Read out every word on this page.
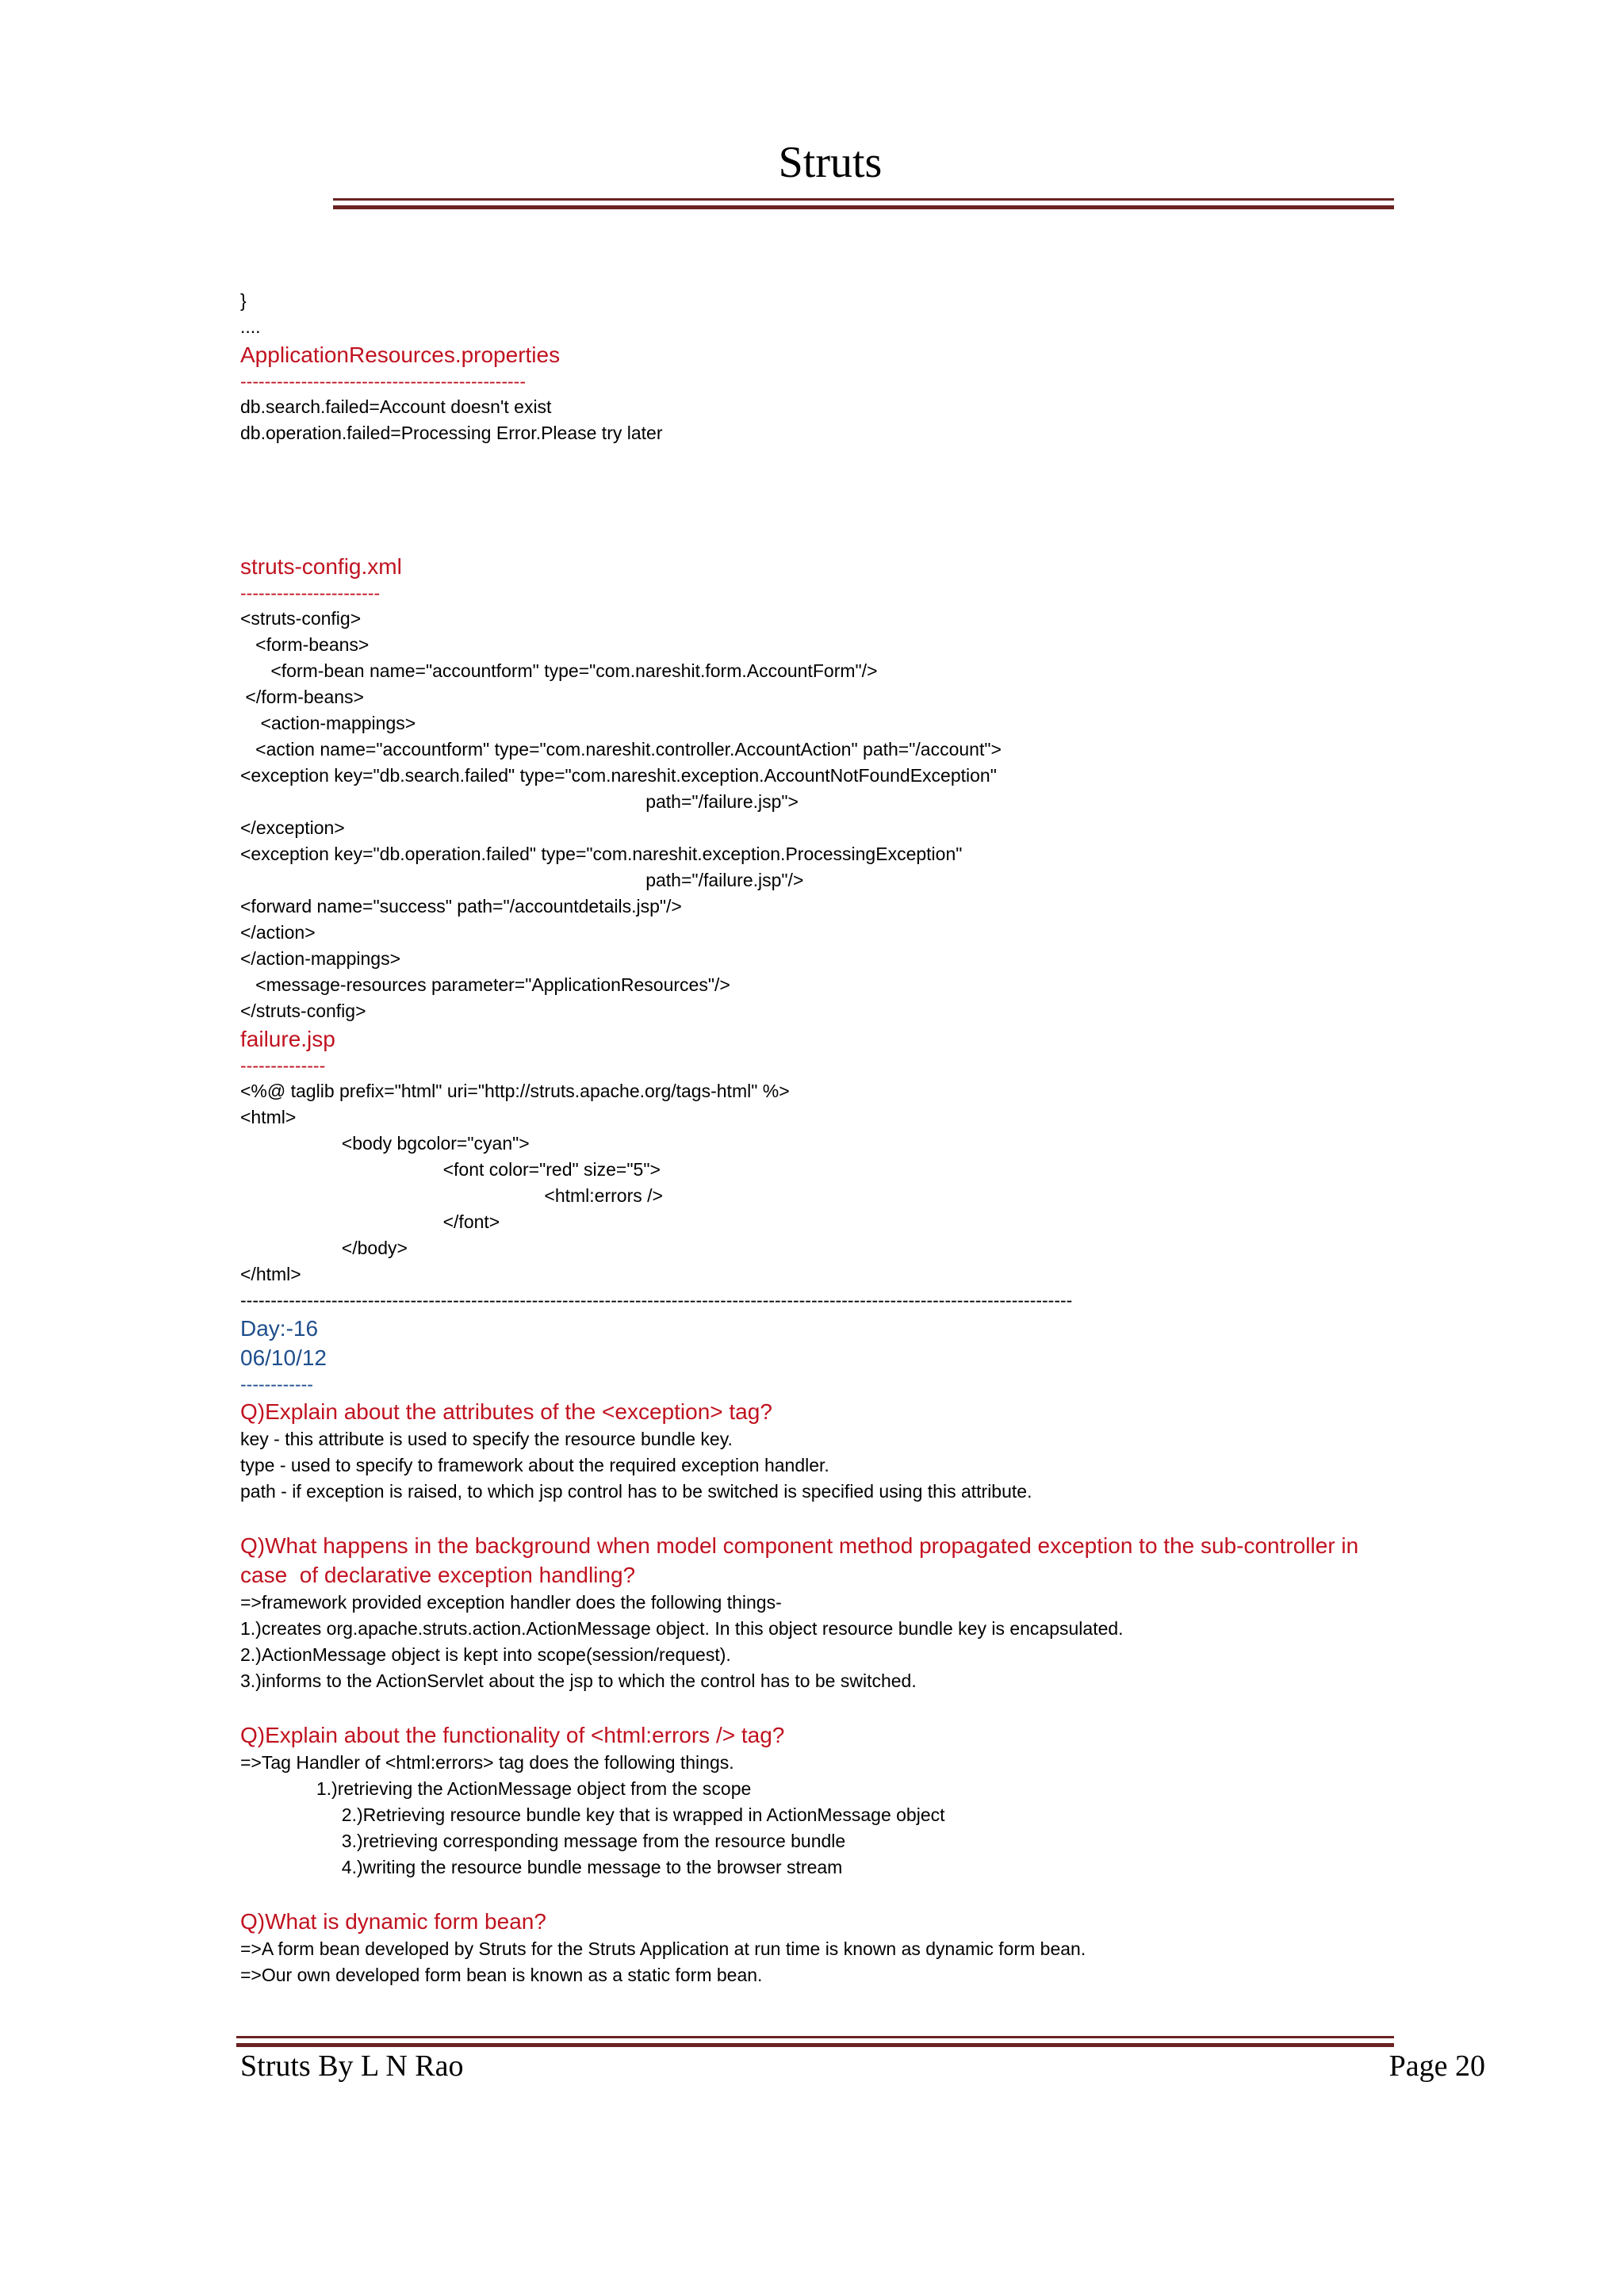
Struts
}
....
ApplicationResources.properties
-----------------------------------------------
db.search.failed=Account doesn't exist
db.operation.failed=Processing Error.Please try later
struts-config.xml
-----------------------
<struts-config>
<form-beans>
<form-bean name="accountform" type="com.nareshit.form.AccountForm"/>
</form-beans>
<action-mappings>
<action name="accountform" type="com.nareshit.controller.AccountAction" path="/account">
<exception key="db.search.failed" type="com.nareshit.exception.AccountNotFoundException"
path="/failure.jsp">
</exception>
<exception key="db.operation.failed" type="com.nareshit.exception.ProcessingException"
path="/failure.jsp"/>
<forward name="success" path="/accountdetails.jsp"/>
</action>
</action-mappings>
<message-resources parameter="ApplicationResources"/>
</struts-config>
failure.jsp
--------------
<%@ taglib prefix="html" uri="http://struts.apache.org/tags-html" %>
<html>
<body bgcolor="cyan">
<font color="red" size="5">
<html:errors />
</font>
</body>
</html>
-----------------------------------------------------------------------------------------------------------------------------------------
Day:-16
06/10/12
------------
Q)Explain about the attributes of the <exception> tag?
key - this attribute is used to specify the resource bundle key.
type - used to specify to framework about the required exception handler.
path - if exception is raised, to which jsp control has to be switched is specified using this attribute.
Q)What happens in the background when model component method propagated exception to the sub-controller in case  of declarative exception handling?
=>framework provided exception handler does the following things-
1.)creates org.apache.struts.action.ActionMessage object. In this object resource bundle key is encapsulated.
2.)ActionMessage object is kept into scope(session/request).
3.)informs to the ActionServlet about the jsp to which the control has to be switched.
Q)Explain about the functionality of <html:errors /> tag?
=>Tag Handler of <html:errors> tag does the following things.
1.)retrieving the ActionMessage object from the scope
2.)Retrieving resource bundle key that is wrapped in ActionMessage object
3.)retrieving corresponding message from the resource bundle
4.)writing the resource bundle message to the browser stream
Q)What is dynamic form bean?
=>A form bean developed by Struts for the Struts Application at run time is known as dynamic form bean.
=>Our own developed form bean is known as a static form bean.
Struts By L N Rao	Page 20
